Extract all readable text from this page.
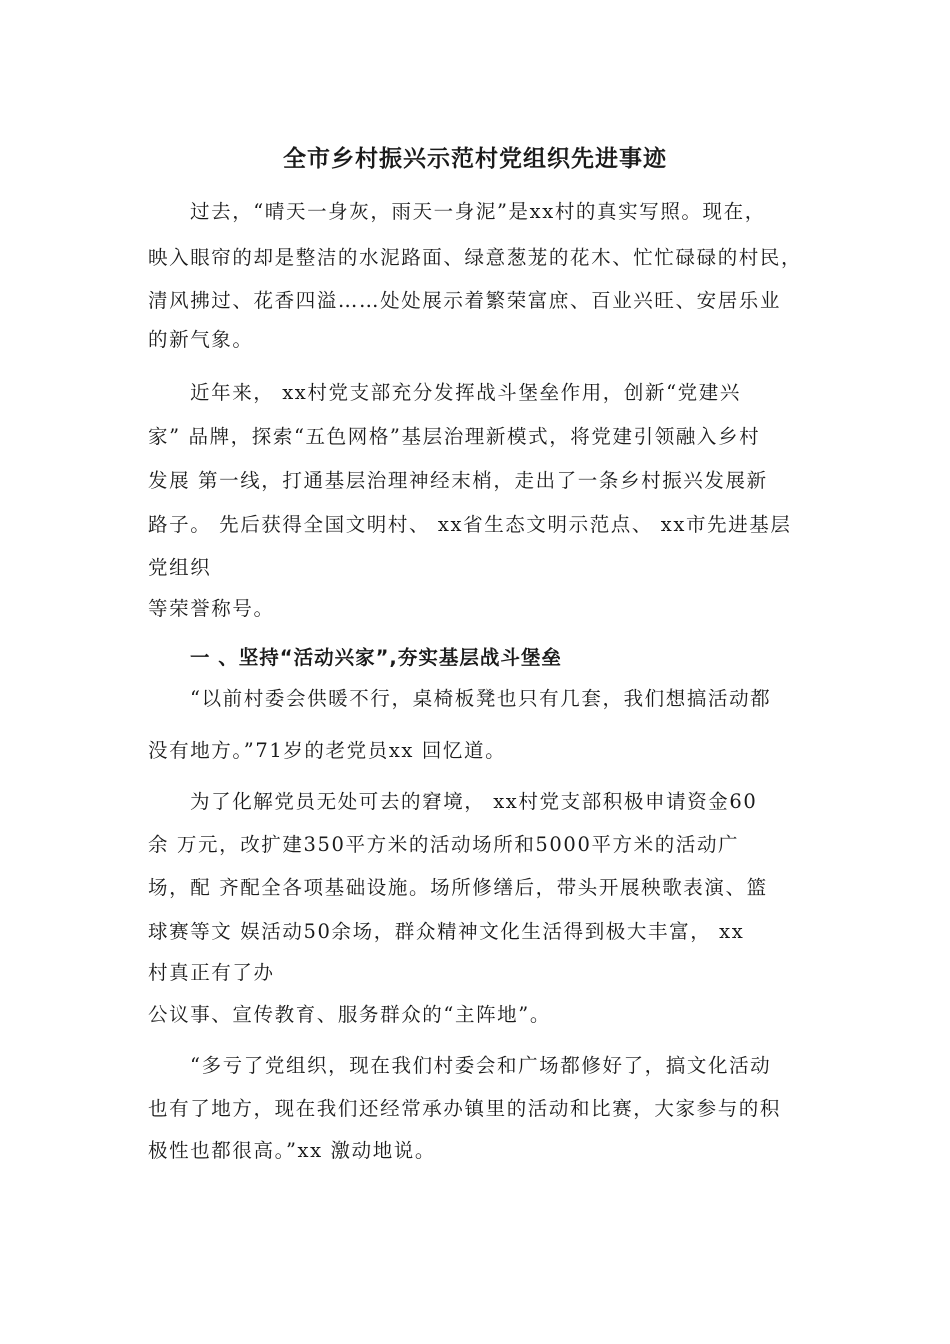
全市乡村振兴示范村党组织先进事迹
过去，“晴天一身灰，雨天一身泥”是xx村的真实写照。现在，
映入眼帘的却是整洁的水泥路面、绿意葱茏的花木、忙忙碌碌的村民，
清风拂过、花香四溢……处处展示着繁荣富庶、百业兴旺、安居乐业
的新气象。
近年来， xx村党支部充分发挥战斗堡垒作用，创新“党建兴
家” 品牌，探索“五色网格”基层治理新模式，将党建引领融入乡村
发展 第一线，打通基层治理神经末梢，走出了一条乡村振兴发展新
路子。 先后获得全国文明村、 xx省生态文明示范点、 xx市先进基层
党组织
等荣誉称号。
一 、坚持“活动兴家”,夯实基层战斗堡垒
“以前村委会供暖不行，桌椅板凳也只有几套，我们想搞活动都
没有地方。”71岁的老党员xx 回忆道。
为了化解党员无处可去的窘境， xx村党支部积极申请资金60
余 万元，改扩建350平方米的活动场所和5000平方米的活动广
场，配 齐配全各项基础设施。场所修缮后，带头开展秧歌表演、篮
球赛等文 娱活动50余场，群众精神文化生活得到极大丰富， xx
村真正有了办
公议事、宣传教育、服务群众的“主阵地”。
“多亏了党组织，现在我们村委会和广场都修好了，搞文化活动
也有了地方，现在我们还经常承办镇里的活动和比赛，大家参与的积
极性也都很高。”xx 激动地说。
